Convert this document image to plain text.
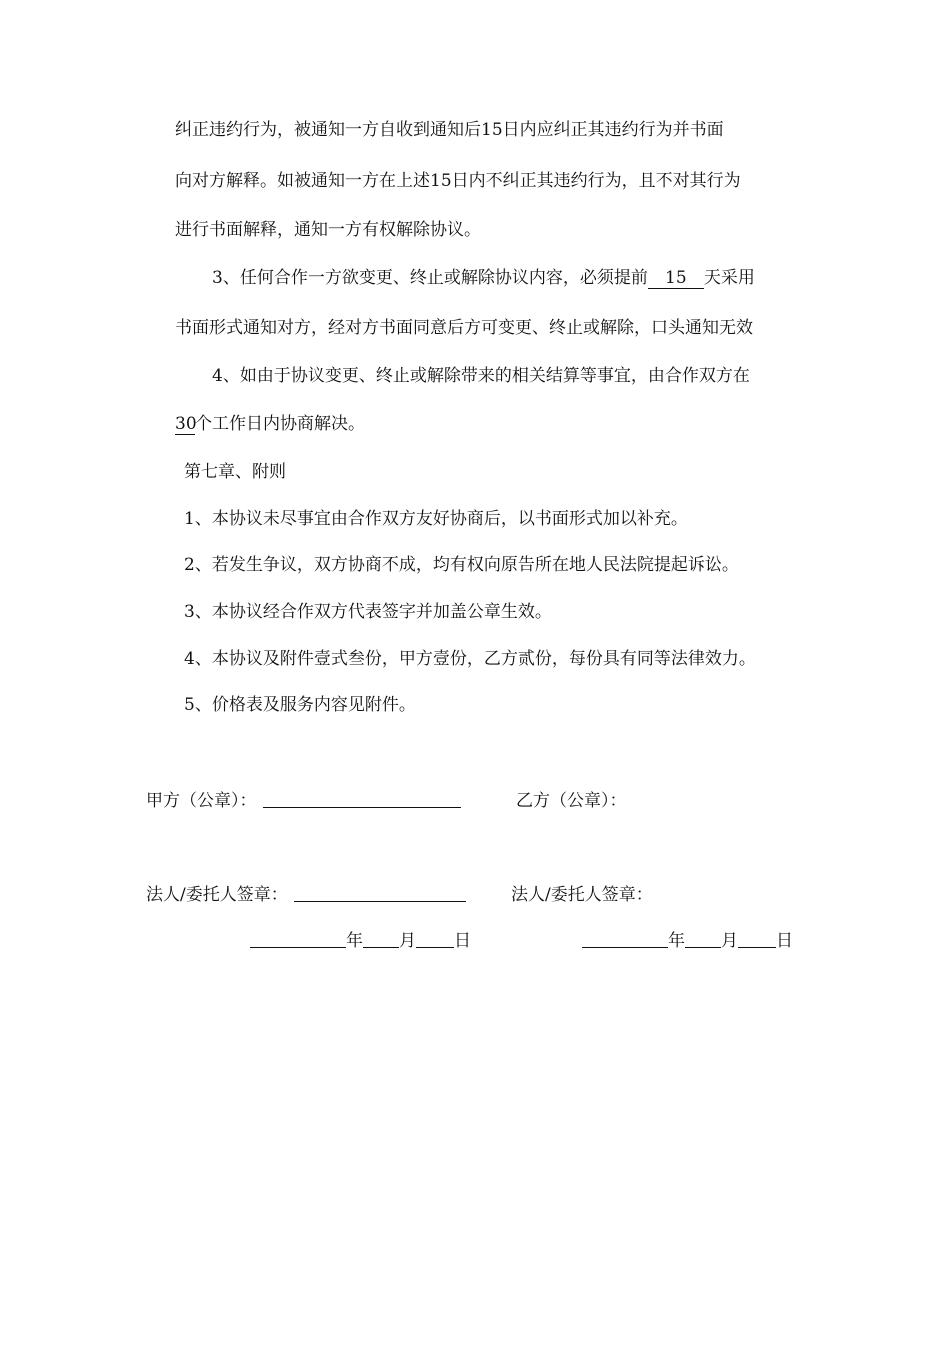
纠正违约行为，被通知一方自收到通知后15日内应纠正其违约行为并书面
向对方解释。如被通知一方在上述15日内不纠正其违约行为，且不对其行为
进行书面解释，通知一方有权解除协议。
3、任何合作一方欲变更、终止或解除协议内容，必须提前 15 天采用
书面形式通知对方，经对方书面同意后方可变更、终止或解除，口头通知无效
4、如由于协议变更、终止或解除带来的相关结算等事宜，由合作双方在
30个工作日内协商解决。
第七章、附则
1、本协议未尽事宜由合作双方友好协商后，以书面形式加以补充。
2、若发生争议，双方协商不成，均有权向原告所在地人民法院提起诉讼。
3、本协议经合作双方代表签字并加盖公章生效。
4、本协议及附件壹式叁份，甲方壹份，乙方贰份，每份具有同等法律效力。
5、价格表及服务内容见附件。
甲方（公章）：	乙方（公章）：
法人/委托人签章：	法人/委托人签章：
年 月 日	年 月 日
